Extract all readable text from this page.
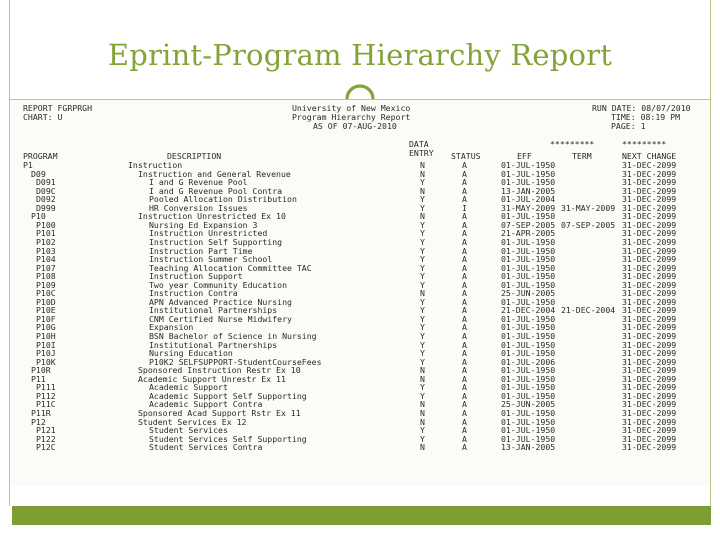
Eprint-Program Hierarchy Report
REPORT FGRPRGH
CHART: U
University of New Mexico
Program Hierarchy Report
AS OF 07-AUG-2010
RUN DATE: 08/07/2010
TIME: 08:19 PM
PAGE: 1
DATA	*********	*********
PROGRAM	DESCRIPTION	ENTRY STATUS	EFF	TERM	NEXT CHANGE
P1	Instruction	N	A	01-JUL-1950	31-DEC-2099
D09	Instruction and General Revenue	N	A	01-JUL-1950	31-DEC-2099
D091	I and G Revenue Pool	Y	A	01-JUL-1950	31-DEC-2099
D09C	I and G Revenue Pool Contra	N	A	13-JAN-2005	31-DEC-2099
D092	Pooled Allocation Distribution	Y	A	01-JUL-2004	31-DEC-2099
D999	HR Conversion Issues	Y	I	31-MAY-2009 31-MAY-2009 31-DEC-2099
P10	Instruction Unrestricted Ex 10	N	A	01-JUL-1950	31-DEC-2099
P100	Nursing Ed Expansion 3	Y	A	07-SEP-2005 07-SEP-2005 31-DEC-2099
P101	Instruction Unrestricted	Y	A	21-APR-2005	31-DEC-2099
P102	Instruction Self Supporting	Y	A	01-JUL-1950	31-DEC-2099
P103	Instruction Part Time	Y	A	01-JUL-1950	31-DEC-2099
P104	Instruction Summer School	Y	A	01-JUL-1950	31-DEC-2099
P107	Teaching Allocation Committee TAC	Y	A	01-JUL-1950	31-DEC-2099
P108	Instruction Support	Y	A	01-JUL-1950	31-DEC-2099
P109	Two year Community Education	Y	A	01-JUL-1950	31-DEC-2099
P10C	Instruction Contra	N	A	25-JUN-2005	31-DEC-2099
P10D	APN Advanced Practice Nursing	Y	A	01-JUL-1950	31-DEC-2099
P10E	Institutional Partnerships	Y	A	21-DEC-2004 21-DEC-2004 31-DEC-2099
P10F	CNM Certified Nurse Midwifery	Y	A	01-JUL-1950	31-DEC-2099
P10G	Expansion	Y	A	01-JUL-1950	31-DEC-2099
P10H	BSN Bachelor of Science in Nursing	Y	A	01-JUL-1950	31-DEC-2099
P10I	Institutional Partnerships	Y	A	01-JUL-1950	31-DEC-2099
P10J	Nursing Education	Y	A	01-JUL-1950	31-DEC-2099
P10K	P10K2 SELFSUPPORT-StudentCourseFees	Y	A	01-JUL-2006	31-DEC-2099
P10R	Sponsored Instruction Restr Ex 10	N	A	01-JUL-1950	31-DEC-2099
P11	Academic Support Unrestr Ex 11	N	A	01-JUL-1950	31-DEC-2099
P111	Academic Support	Y	A	01-JUL-1950	31-DEC-2099
P112	Academic Support Self Supporting	Y	A	01-JUL-1950	31-DEC-2099
P11C	Academic Support Contra	N	A	25-JUN-2005	31-DEC-2099
P11R	Sponsored Acad Support Rstr Ex 11	N	A	01-JUL-1950	31-DEC-2099
P12	Student Services Ex 12	N	A	01-JUL-1950	31-DEC-2099
P121	Student Services	Y	A	01-JUL-1950	31-DEC-2099
P122	Student Services Self Supporting	Y	A	01-JUL-1950	31-DEC-2099
P12C	Student Services Contra	N	A	13-JAN-2005	31-DEC-2099
